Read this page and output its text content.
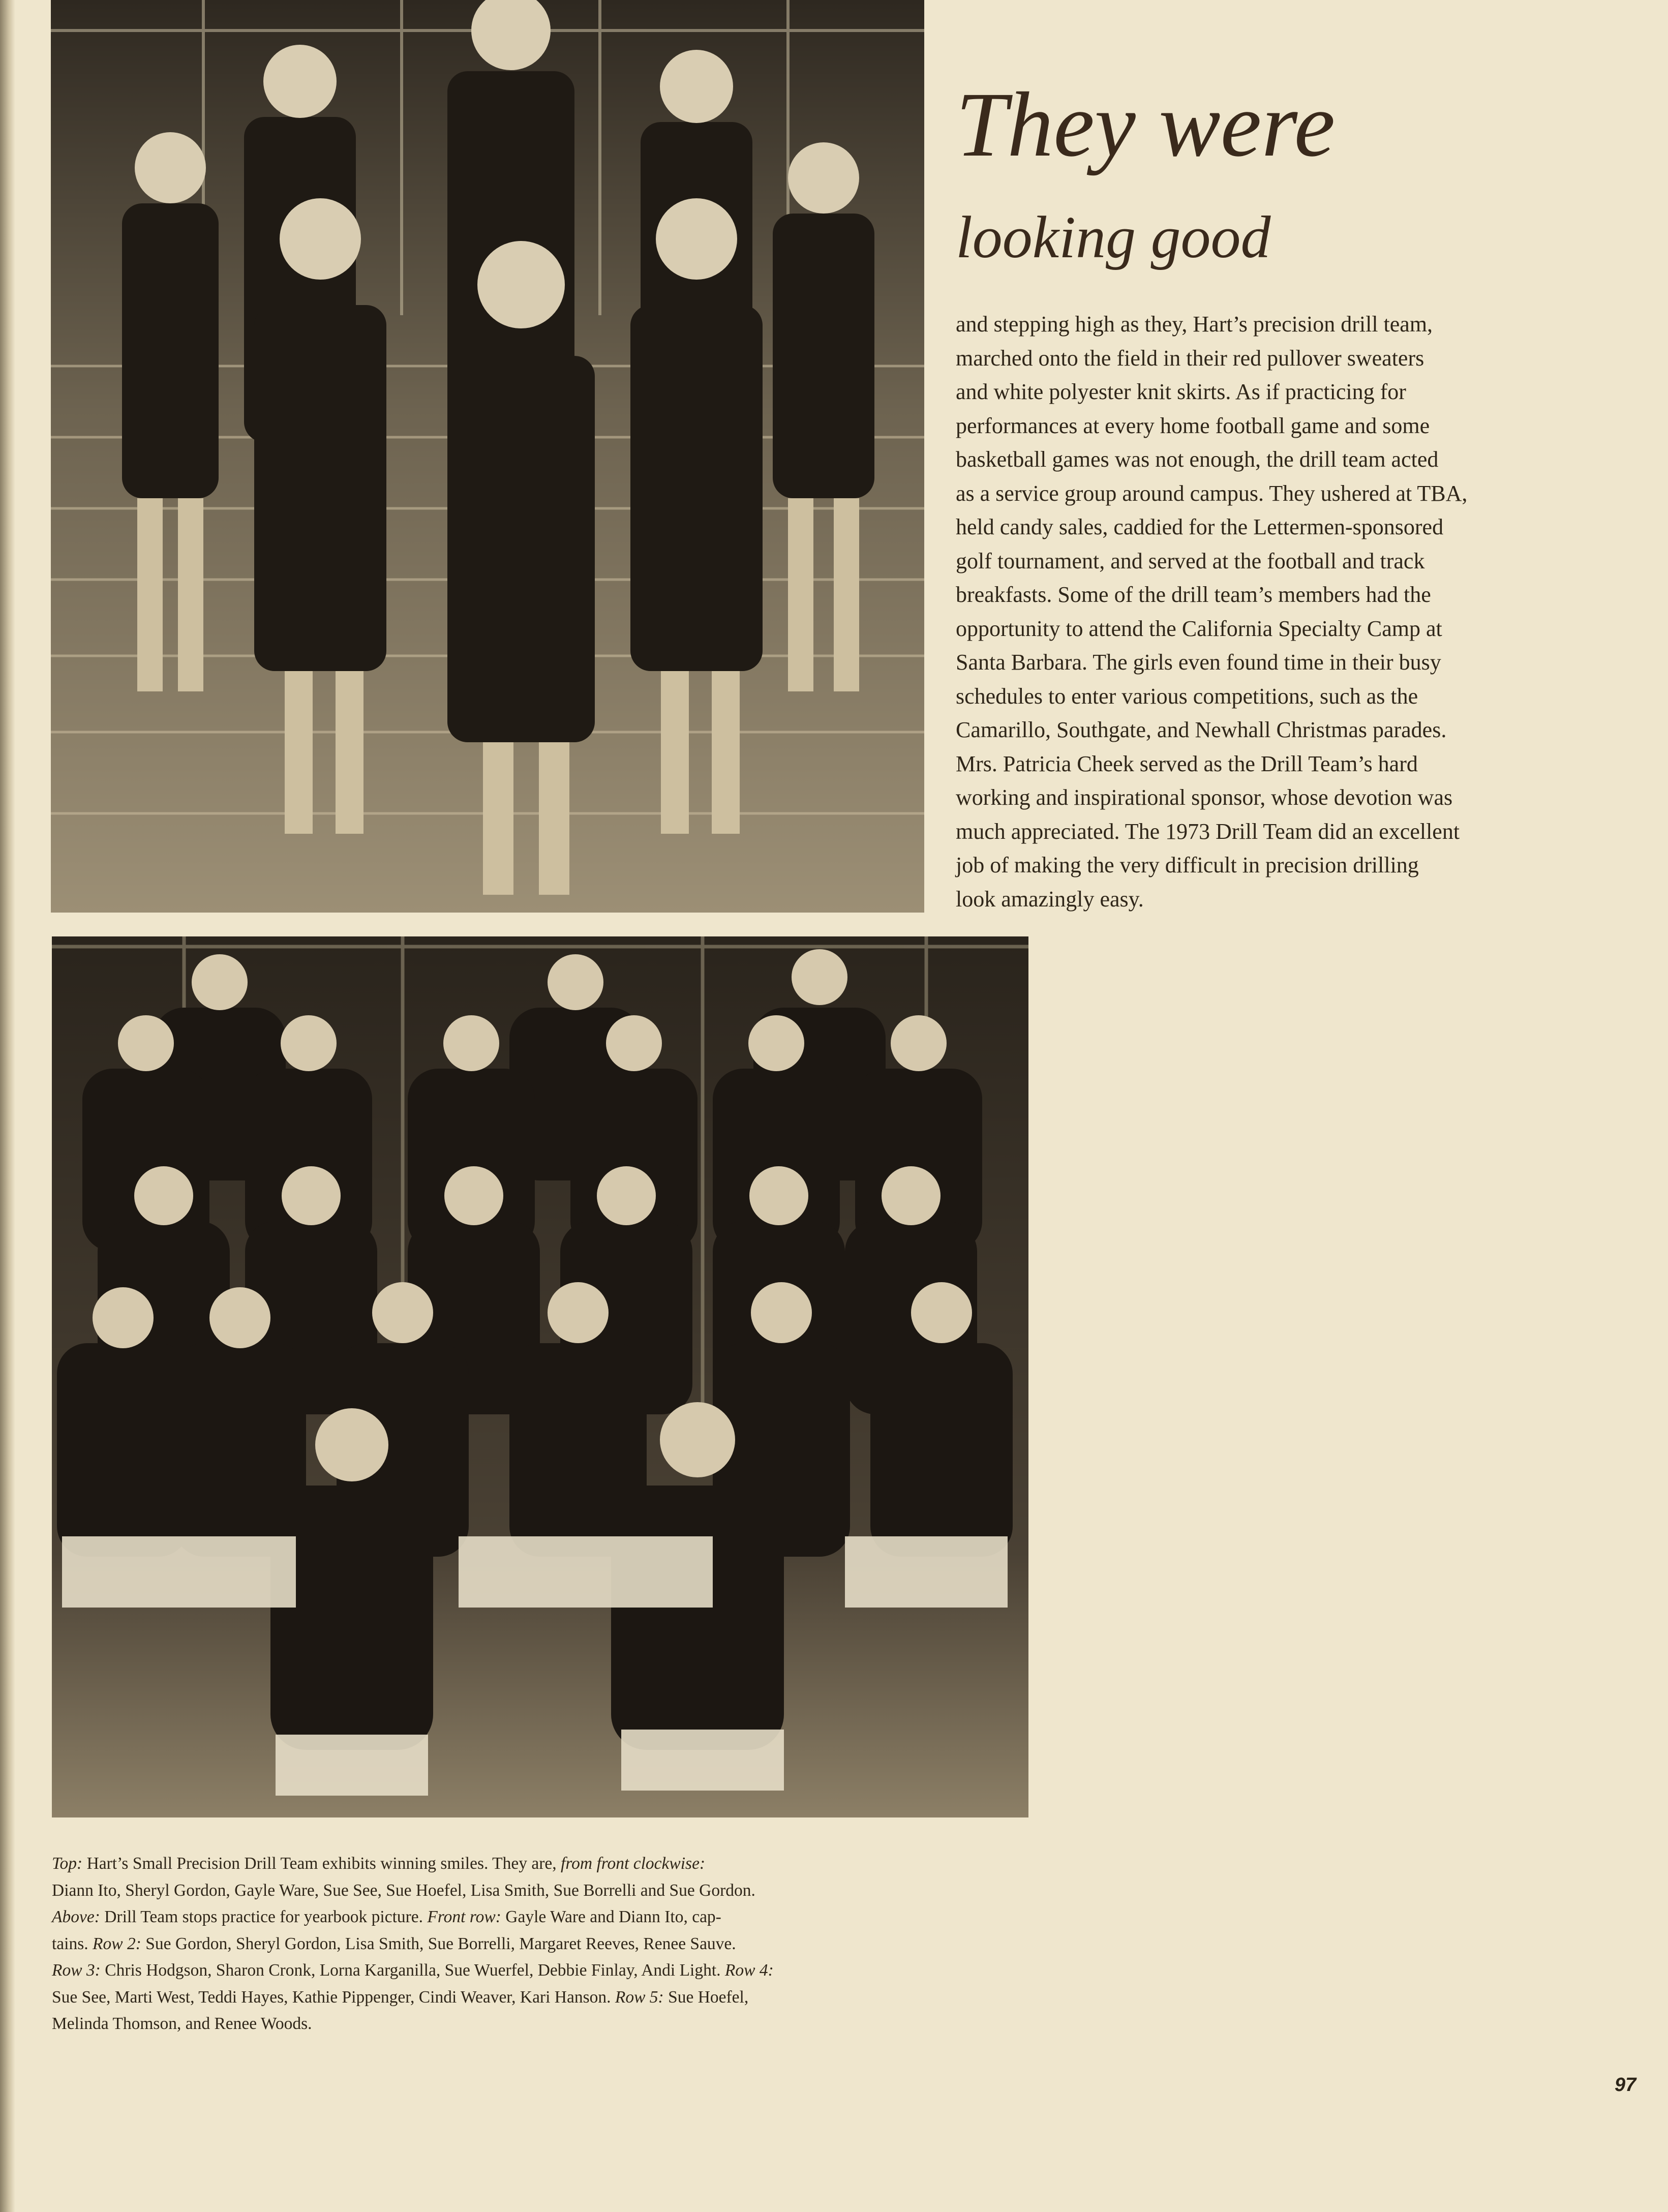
They were
looking good
and stepping high as they, Hart’s precision drill team,
marched onto the field in their red pullover sweaters
and white polyester knit skirts. As if practicing for
performances at every home football game and some
basketball games was not enough, the drill team acted
as a service group around campus. They ushered at TBA,
held candy sales, caddied for the Lettermen-sponsored
golf tournament, and served at the football and track
breakfasts. Some of the drill team’s members had the
opportunity to attend the California Specialty Camp at
Santa Barbara. The girls even found time in their busy
schedules to enter various competitions, such as the
Camarillo, Southgate, and Newhall Christmas parades.
Mrs. Patricia Cheek served as the Drill Team’s hard
working and inspirational sponsor, whose devotion was
much appreciated. The 1973 Drill Team did an excellent
job of making the very difficult in precision drilling
look amazingly easy.
Top: Hart’s Small Precision Drill Team exhibits winning smiles. They are, from front clockwise:
Diann Ito, Sheryl Gordon, Gayle Ware, Sue See, Sue Hoefel, Lisa Smith, Sue Borrelli and Sue Gordon.
Above: Drill Team stops practice for yearbook picture. Front row: Gayle Ware and Diann Ito, cap-
tains. Row 2: Sue Gordon, Sheryl Gordon, Lisa Smith, Sue Borrelli, Margaret Reeves, Renee Sauve.
Row 3: Chris Hodgson, Sharon Cronk, Lorna Karganilla, Sue Wuerfel, Debbie Finlay, Andi Light. Row 4:
Sue See, Marti West, Teddi Hayes, Kathie Pippenger, Cindi Weaver, Kari Hanson. Row 5: Sue Hoefel,
Melinda Thomson, and Renee Woods.
97
